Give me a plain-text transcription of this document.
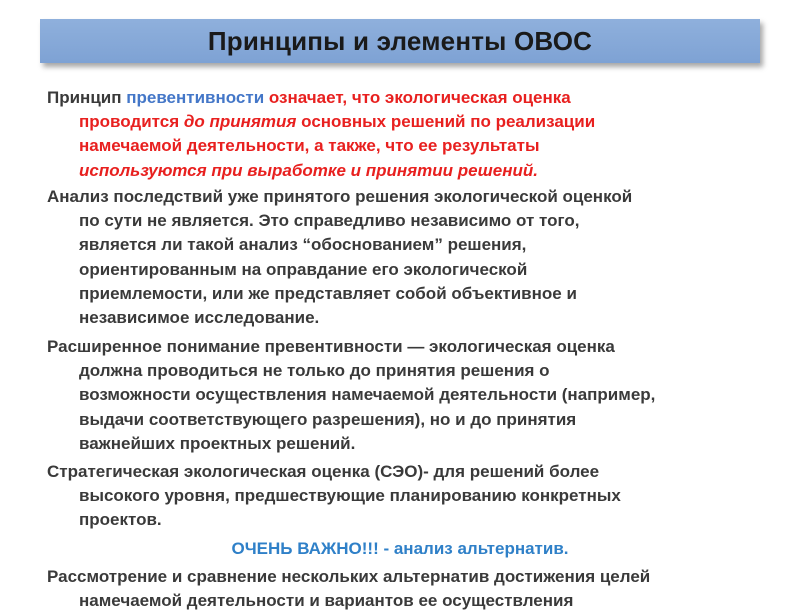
Принципы и элементы ОВОС
Принцип превентивности означает, что экологическая оценка
проводится до принятия основных решений по реализации
намечаемой деятельности, а также, что ее результаты
используются при выработке и принятии решений.
Анализ последствий уже принятого решения экологической оценкой
по сути не является. Это справедливо независимо от того,
является ли такой анализ “обоснованием” решения,
ориентированным на оправдание его экологической
приемлемости, или же представляет собой объективное и
независимое исследование.
Расширенное понимание превентивности — экологическая оценка
должна проводиться не только до принятия решения о
возможности осуществления намечаемой деятельности (например,
выдачи соответствующего разрешения), но и до принятия
важнейших проектных решений.
Стратегическая экологическая оценка (СЭО)- для решений более
высокого уровня, предшествующие планированию конкретных
проектов.
ОЧЕНЬ ВАЖНО!!! - анализ альтернатив.
Рассмотрение и сравнение нескольких альтернатив достижения целей
намечаемой деятельности и вариантов ее осуществления
